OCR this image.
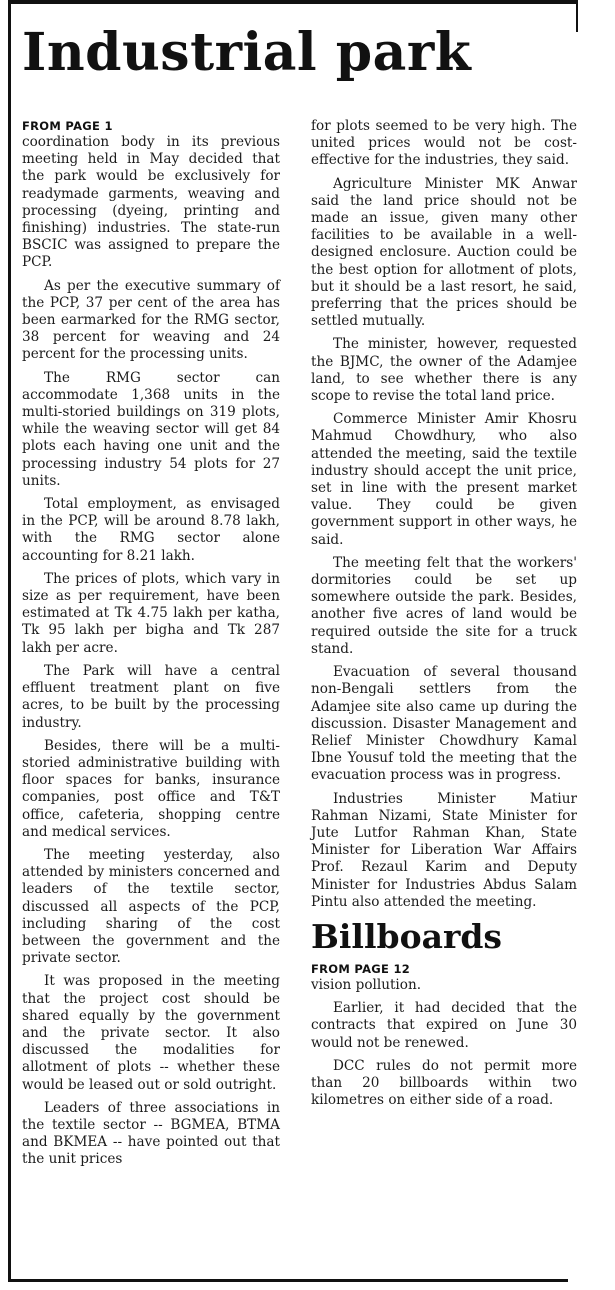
Industrial park
FROM PAGE 1

coordination body in its previous meeting held in May decided that the park would be exclusively for readymade garments, weaving and processing (dyeing, printing and finishing) industries. The state-run BSCIC was assigned to prepare the PCP.

As per the executive summary of the PCP, 37 per cent of the area has been earmarked for the RMG sector, 38 percent for weaving and 24 percent for the processing units.

The RMG sector can accommodate 1,368 units in the multi-storied buildings on 319 plots, while the weaving sector will get 84 plots each having one unit and the processing industry 54 plots for 27 units.

Total employment, as envisaged in the PCP, will be around 8.78 lakh, with the RMG sector alone accounting for 8.21 lakh.

The prices of plots, which vary in size as per requirement, have been estimated at Tk 4.75 lakh per katha, Tk 95 lakh per bigha and Tk 287 lakh per acre.

The Park will have a central effluent treatment plant on five acres, to be built by the processing industry.

Besides, there will be a multi-storied administrative building with floor spaces for banks, insurance companies, post office and T&T office, cafeteria, shopping centre and medical services.

The meeting yesterday, also attended by ministers concerned and leaders of the textile sector, discussed all aspects of the PCP, including sharing of the cost between the government and the private sector.

It was proposed in the meeting that the project cost should be shared equally by the government and the private sector. It also discussed the modalities for allotment of plots -- whether these would be leased out or sold outright.

Leaders of three associations in the textile sector -- BGMEA, BTMA and BKMEA -- have pointed out that the unit prices

for plots seemed to be very high. The united prices would not be cost-effective for the industries, they said.

Agriculture Minister MK Anwar said the land price should not be made an issue, given many other facilities to be available in a well-designed enclosure. Auction could be the best option for allotment of plots, but it should be a last resort, he said, preferring that the prices should be settled mutually.

The minister, however, requested the BJMC, the owner of the Adamjee land, to see whether there is any scope to revise the total land price.

Commerce Minister Amir Khosru Mahmud Chowdhury, who also attended the meeting, said the textile industry should accept the unit price, set in line with the present market value. They could be given government support in other ways, he said.

The meeting felt that the workers' dormitories could be set up somewhere outside the park. Besides, another five acres of land would be required outside the site for a truck stand.

Evacuation of several thousand non-Bengali settlers from the Adamjee site also came up during the discussion. Disaster Management and Relief Minister Chowdhury Kamal Ibne Yousuf told the meeting that the evacuation process was in progress.

Industries Minister Matiur Rahman Nizami, State Minister for Jute Lutfor Rahman Khan, State Minister for Liberation War Affairs Prof. Rezaul Karim and Deputy Minister for Industries Abdus Salam Pintu also attended the meeting.

Billboards
FROM PAGE 12

vision pollution.

Earlier, it had decided that the contracts that expired on June 30 would not be renewed.

DCC rules do not permit more than 20 billboards within two kilometres on either side of a road.
